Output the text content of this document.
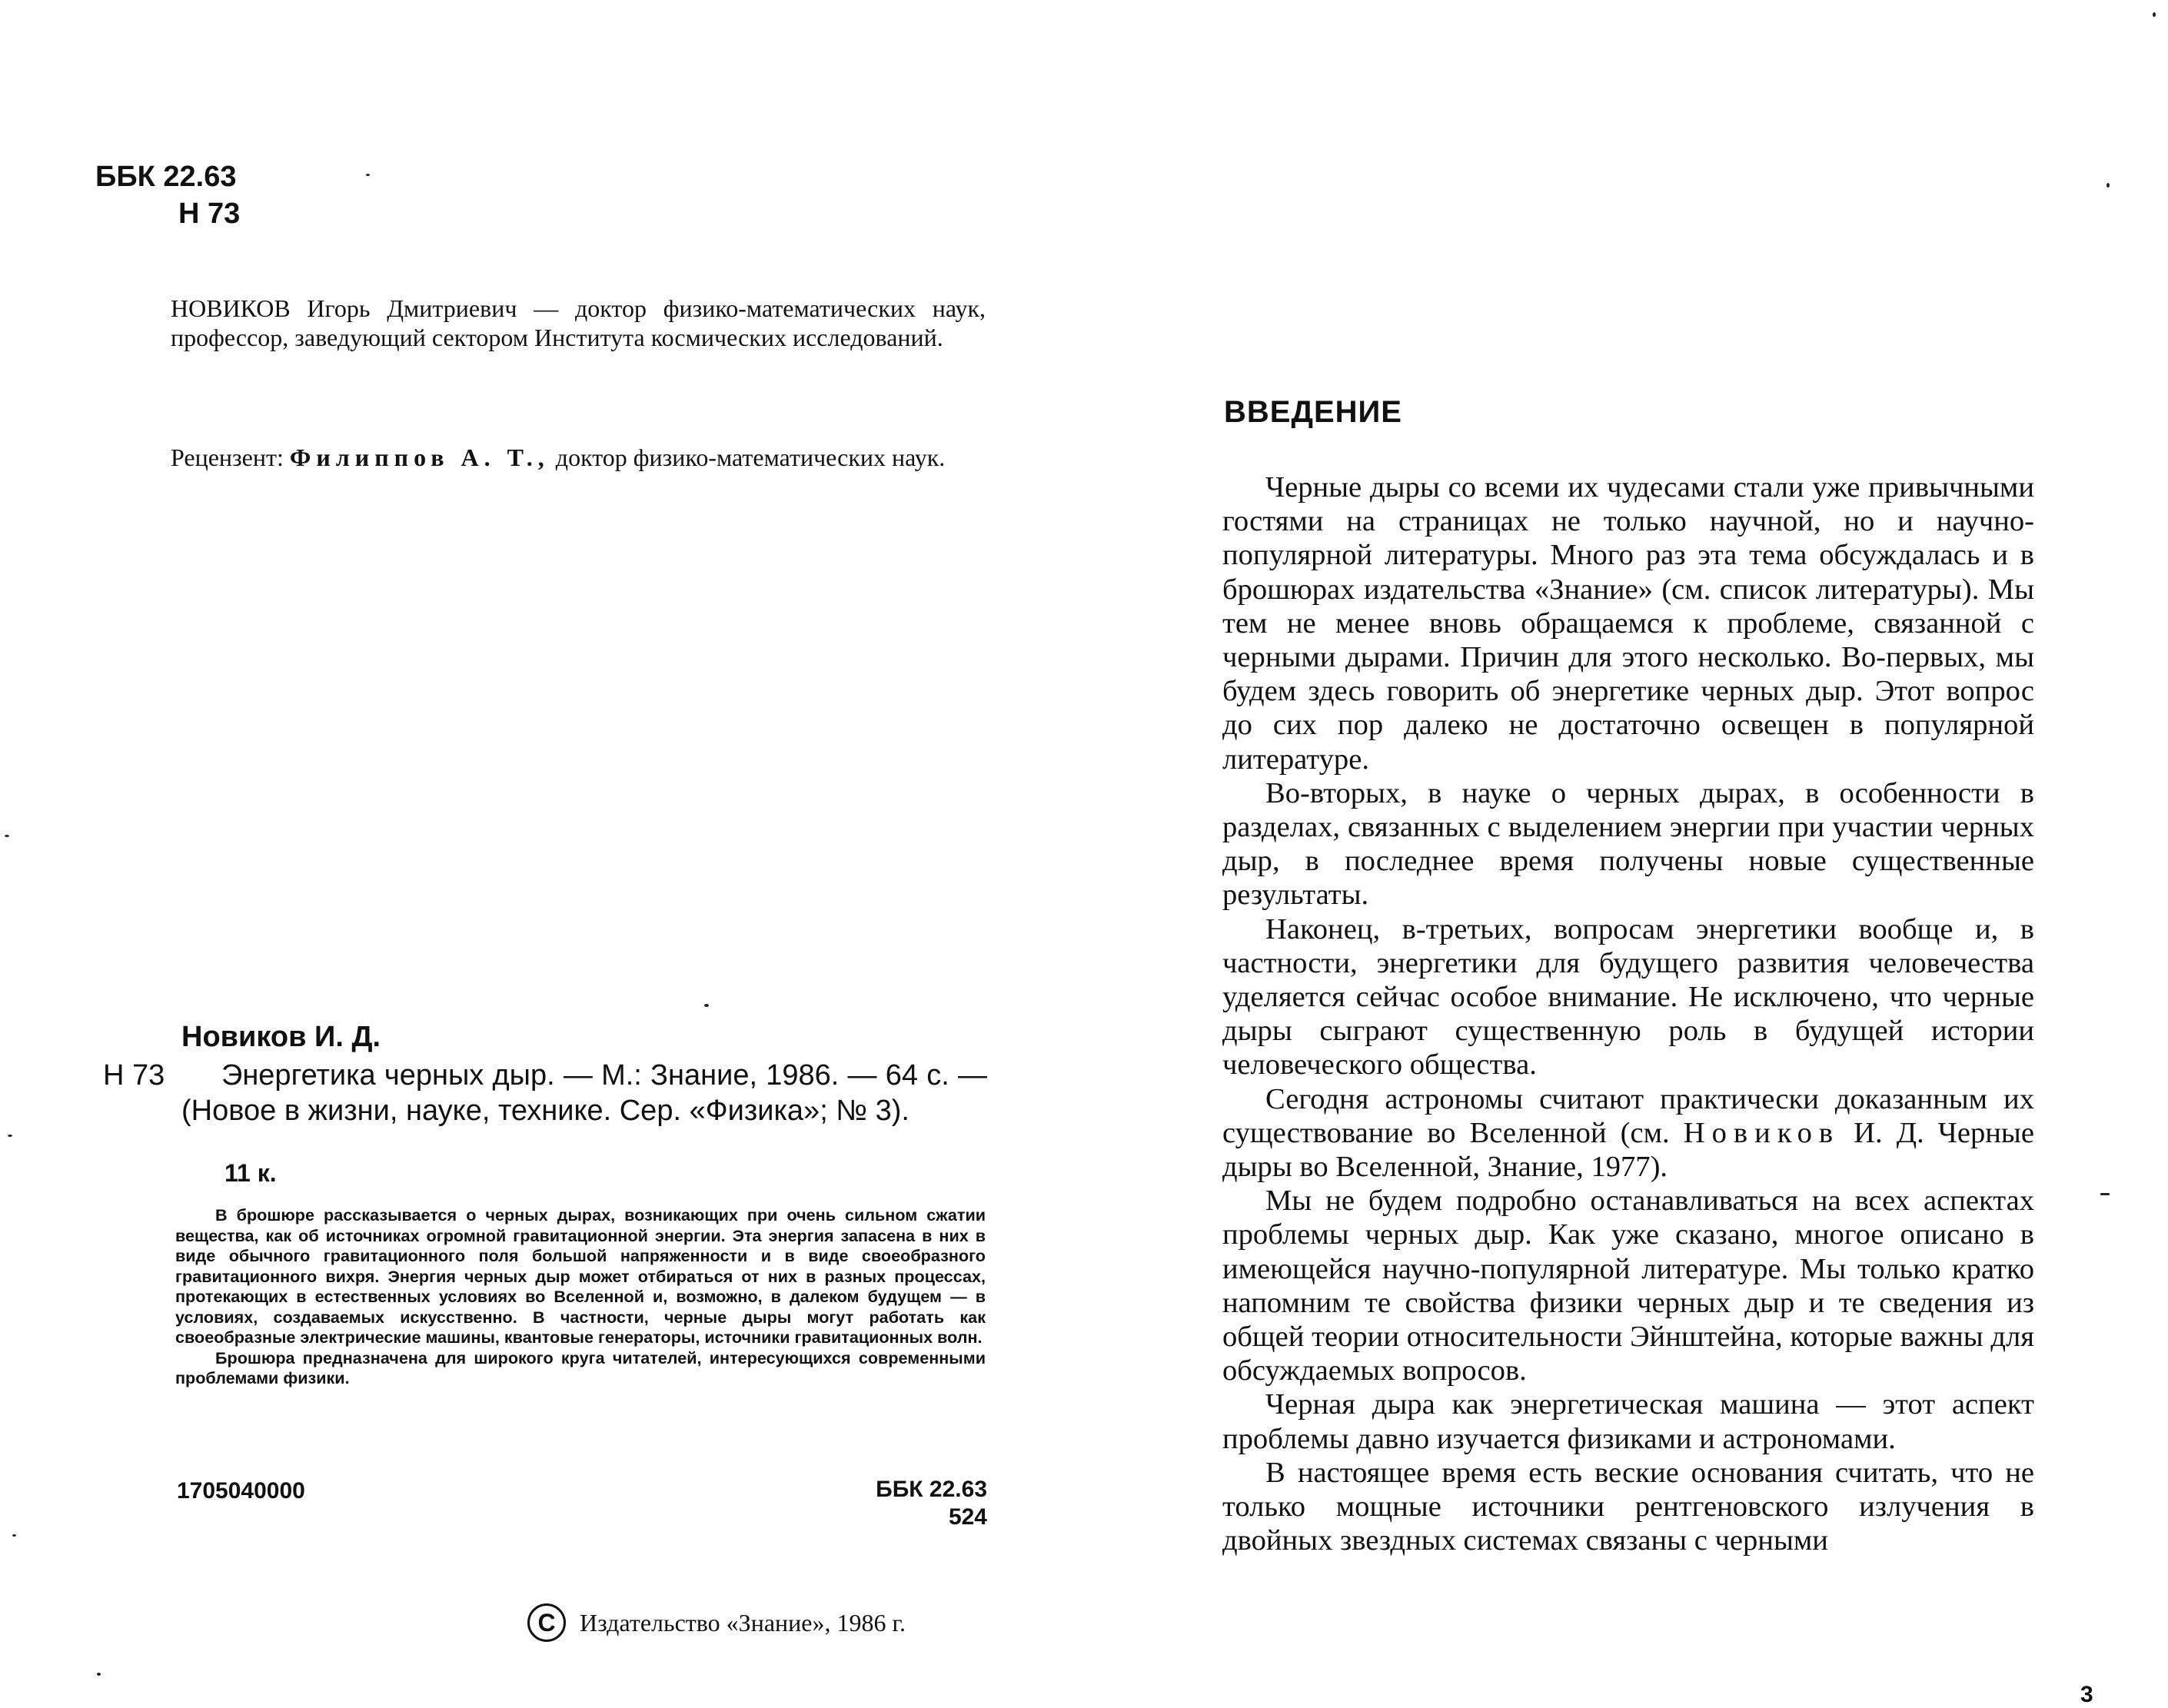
ББК 22.63
Н 73
НОВИКОВ Игорь Дмитриевич — доктор физико-математических наук, профессор, заведующий сектором Института космических исследований.
Рецензент: Филиппов А. Т., доктор физико-математических наук.
Новиков И. Д.
Н 73	Энергетика черных дыр. — М.: Знание, 1986. — 64 с. — (Новое в жизни, науке, технике. Сер. «Физика»; № 3).
11 к.

В брошюре рассказывается о черных дырах, возникающих при очень сильном сжатии вещества, как об источниках огромной гравитационной энергии. Эта энергия запасена в них в виде обычного гравитационного поля большой напряженности и в виде своеобразного гравитационного вихря. Энергия черных дыр может отбираться от них в разных процессах, протекающих в естественных условиях во Вселенной и, возможно, в далеком будущем — в условиях, создаваемых искусственно. В частности, черные дыры могут работать как своеобразные электрические машины, квантовые генераторы, источники гравитационных волн.

Брошюра предназначена для широкого круга читателей, интересующихся современными проблемами физики.

1705040000	ББК 22.63
524
C Издательство «Знание», 1986 г.
ВВЕДЕНИЕ

Черные дыры со всеми их чудесами стали уже привычными гостями на страницах не только научной, но и научно-популярной литературы. Много раз эта тема обсуждалась и в брошюрах издательства «Знание» (см. список литературы). Мы тем не менее вновь обращаемся к проблеме, связанной с черными дырами. Причин для этого несколько. Во-первых, мы будем здесь говорить об энергетике черных дыр. Этот вопрос до сих пор далеко не достаточно освещен в популярной литературе.

Во-вторых, в науке о черных дырах, в особенности в разделах, связанных с выделением энергии при участии черных дыр, в последнее время получены новые существенные результаты.

Наконец, в-третьих, вопросам энергетики вообще и, в частности, энергетики для будущего развития человечества уделяется сейчас особое внимание. Не исключено, что черные дыры сыграют существенную роль в будущей истории человеческого общества.

Сегодня астрономы считают практически доказанным их существование во Вселенной (см. Новиков И. Д. Черные дыры во Вселенной, Знание, 1977).

Мы не будем подробно останавливаться на всех аспектах проблемы черных дыр. Как уже сказано, многое описано в имеющейся научно-популярной литературе. Мы только кратко напомним те свойства физики черных дыр и те сведения из общей теории относительности Эйнштейна, которые важны для обсуждаемых вопросов.

Черная дыра как энергетическая машина — этот аспект проблемы давно изучается физиками и астрономами.

В настоящее время есть веские основания считать, что не только мощные источники рентгеновского излучения в двойных звездных системах связаны с черными

3
